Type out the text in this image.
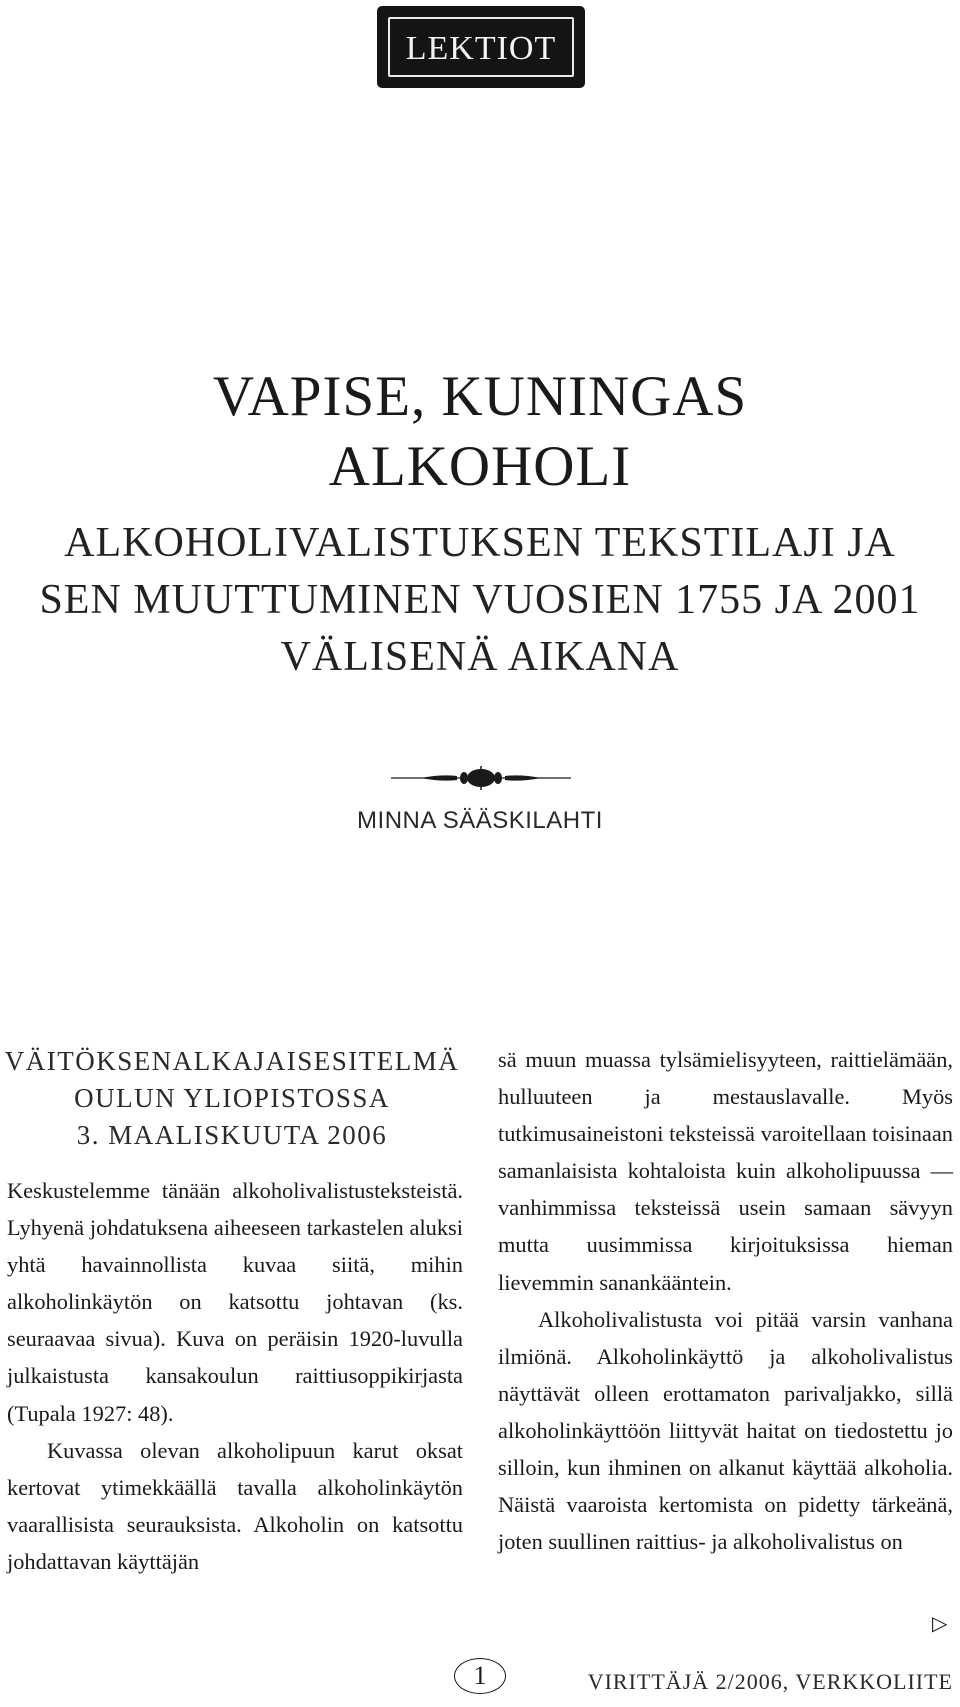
LEKTIOT
VAPISE, KUNINGAS ALKOHOLI
ALKOHOLIVALISTUKSEN TEKSTILAJI JA SEN MUUTTUMINEN VUOSIEN 1755 JA 2001 VÄLISENÄ AIKANA
MINNA SÄÄSKILAHTI
VÄITÖKSENALKAJAISESITELMÄ
OULUN YLIOPISTOSSA
3. MAALISKUUTA 2006

Keskustelemme tänään alkoholivalistusteksteistä. Lyhyenä johdatuksena aiheeseen tarkastelen aluksi yhtä havainnollista kuvaa siitä, mihin alkoholinkäytön on katsottu johtavan (ks. seuraavaa sivua). Kuva on peräisin 1920-luvulla julkaistusta kansakoulun raittiusoppikirjasta (Tupala 1927: 48).

Kuvassa olevan alkoholipuun karut oksat kertovat ytimekkäällä tavalla alkoholinkäytön vaarallisista seurauksista. Alkoholin on katsottu johdattavan käyttäjän

sä muun muassa tylsämielisyyteen, raittielämään, hulluuteen ja mestauslavalle. Myös tutkimusaineistoni teksteissä varoitellaan toisinaan samanlaisista kohtaloista kuin alkoholipuussa — vanhimmissa teksteissä usein samaan sävyyn mutta uusimmissa kirjoituksissa hieman lievemmin sanankääntein.

Alkoholivalistusta voi pitää varsin vanhana ilmiönä. Alkoholinkäyttö ja alkoholivalistus näyttävät olleen erottamaton parivaljakko, sillä alkoholinkäyttöön liittyvät haitat on tiedostettu jo silloin, kun ihminen on alkanut käyttää alkoholia. Näistä vaaroista kertomista on pidetty tärkeänä, joten suullinen raittius- ja alkoholivalistus on

▷
1	VIRITTÄJÄ 2/2006, VERKKOLIITE
